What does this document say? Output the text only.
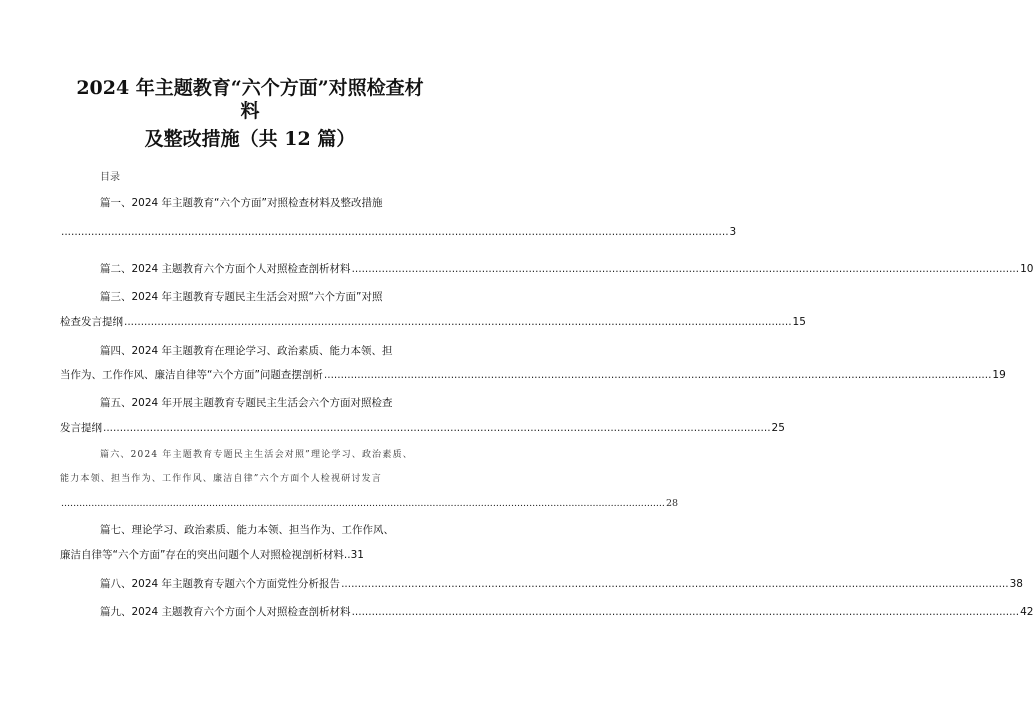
2024 年主题教育“六个方面”对照检查材
料
及整改措施（共 12 篇）
目录
篇一、2024 年主题教育“六个方面”对照检查材料及整改措施
........................................................................................................................................................................................................ 3
篇二、2024 主题教育六个方面个人对照检查剖析材料 ........................................................................................................................................................................................................ 10
篇三、2024 年主题教育专题民主生活会对照“六个方面”对照
检查发言提纲 ........................................................................................................................................................................................................ 15
篇四、2024 年主题教育在理论学习、政治素质、能力本领、担
当作为、工作作风、廉洁自律等“六个方面”问题查摆剖析 ........................................................................................................................................................................................................ 19
篇五、2024 年开展主题教育专题民主生活会六个方面对照检查
发言提纲 ........................................................................................................................................................................................................ 25
篇六、2024 年主题教育专题民主生活会对照”理论学习、政治素质、
能力本领、担当作为、工作作风、廉洁自律”六个方面个人检视研讨发言
........................................................................................................................................................................................................ 28
篇七、理论学习、政治素质、能力本领、担当作为、工作作风、
廉洁自律等“六个方面”存在的突出问题个人对照检视剖析材料.. 31
篇八、2024 年主题教育专题六个方面党性分析报告 ........................................................................................................................................................................................................ 38
篇九、2024 主题教育六个方面个人对照检查剖析材料 ........................................................................................................................................................................................................ 42
